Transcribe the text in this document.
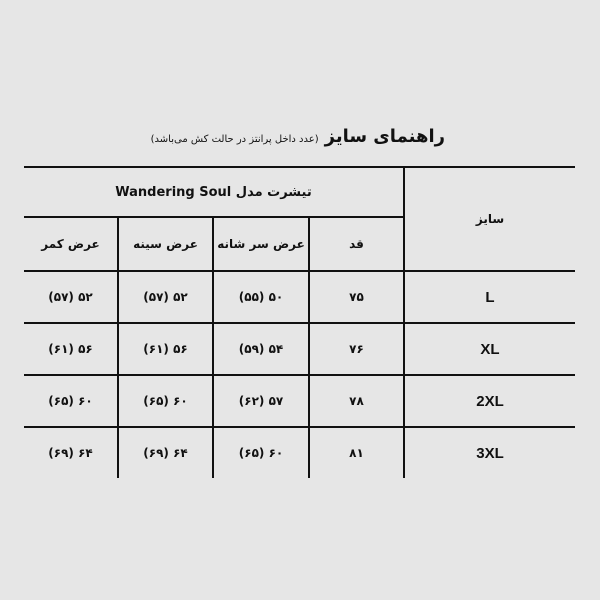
راهنمای سایز(عدد داخل پرانتز در حالت کش می‌باشد)
سایز
تیشرت مدل Wandering Soul
قد
عرض سر شانه
عرض سینه
عرض کمر
L
۷۵
۵۰ (۵۵)
۵۲ (۵۷)
۵۲ (۵۷)
XL
۷۶
۵۴ (۵۹)
۵۶ (۶۱)
۵۶ (۶۱)
2XL
۷۸
۵۷ (۶۲)
۶۰ (۶۵)
۶۰ (۶۵)
3XL
۸۱
۶۰ (۶۵)
۶۴ (۶۹)
۶۴ (۶۹)
